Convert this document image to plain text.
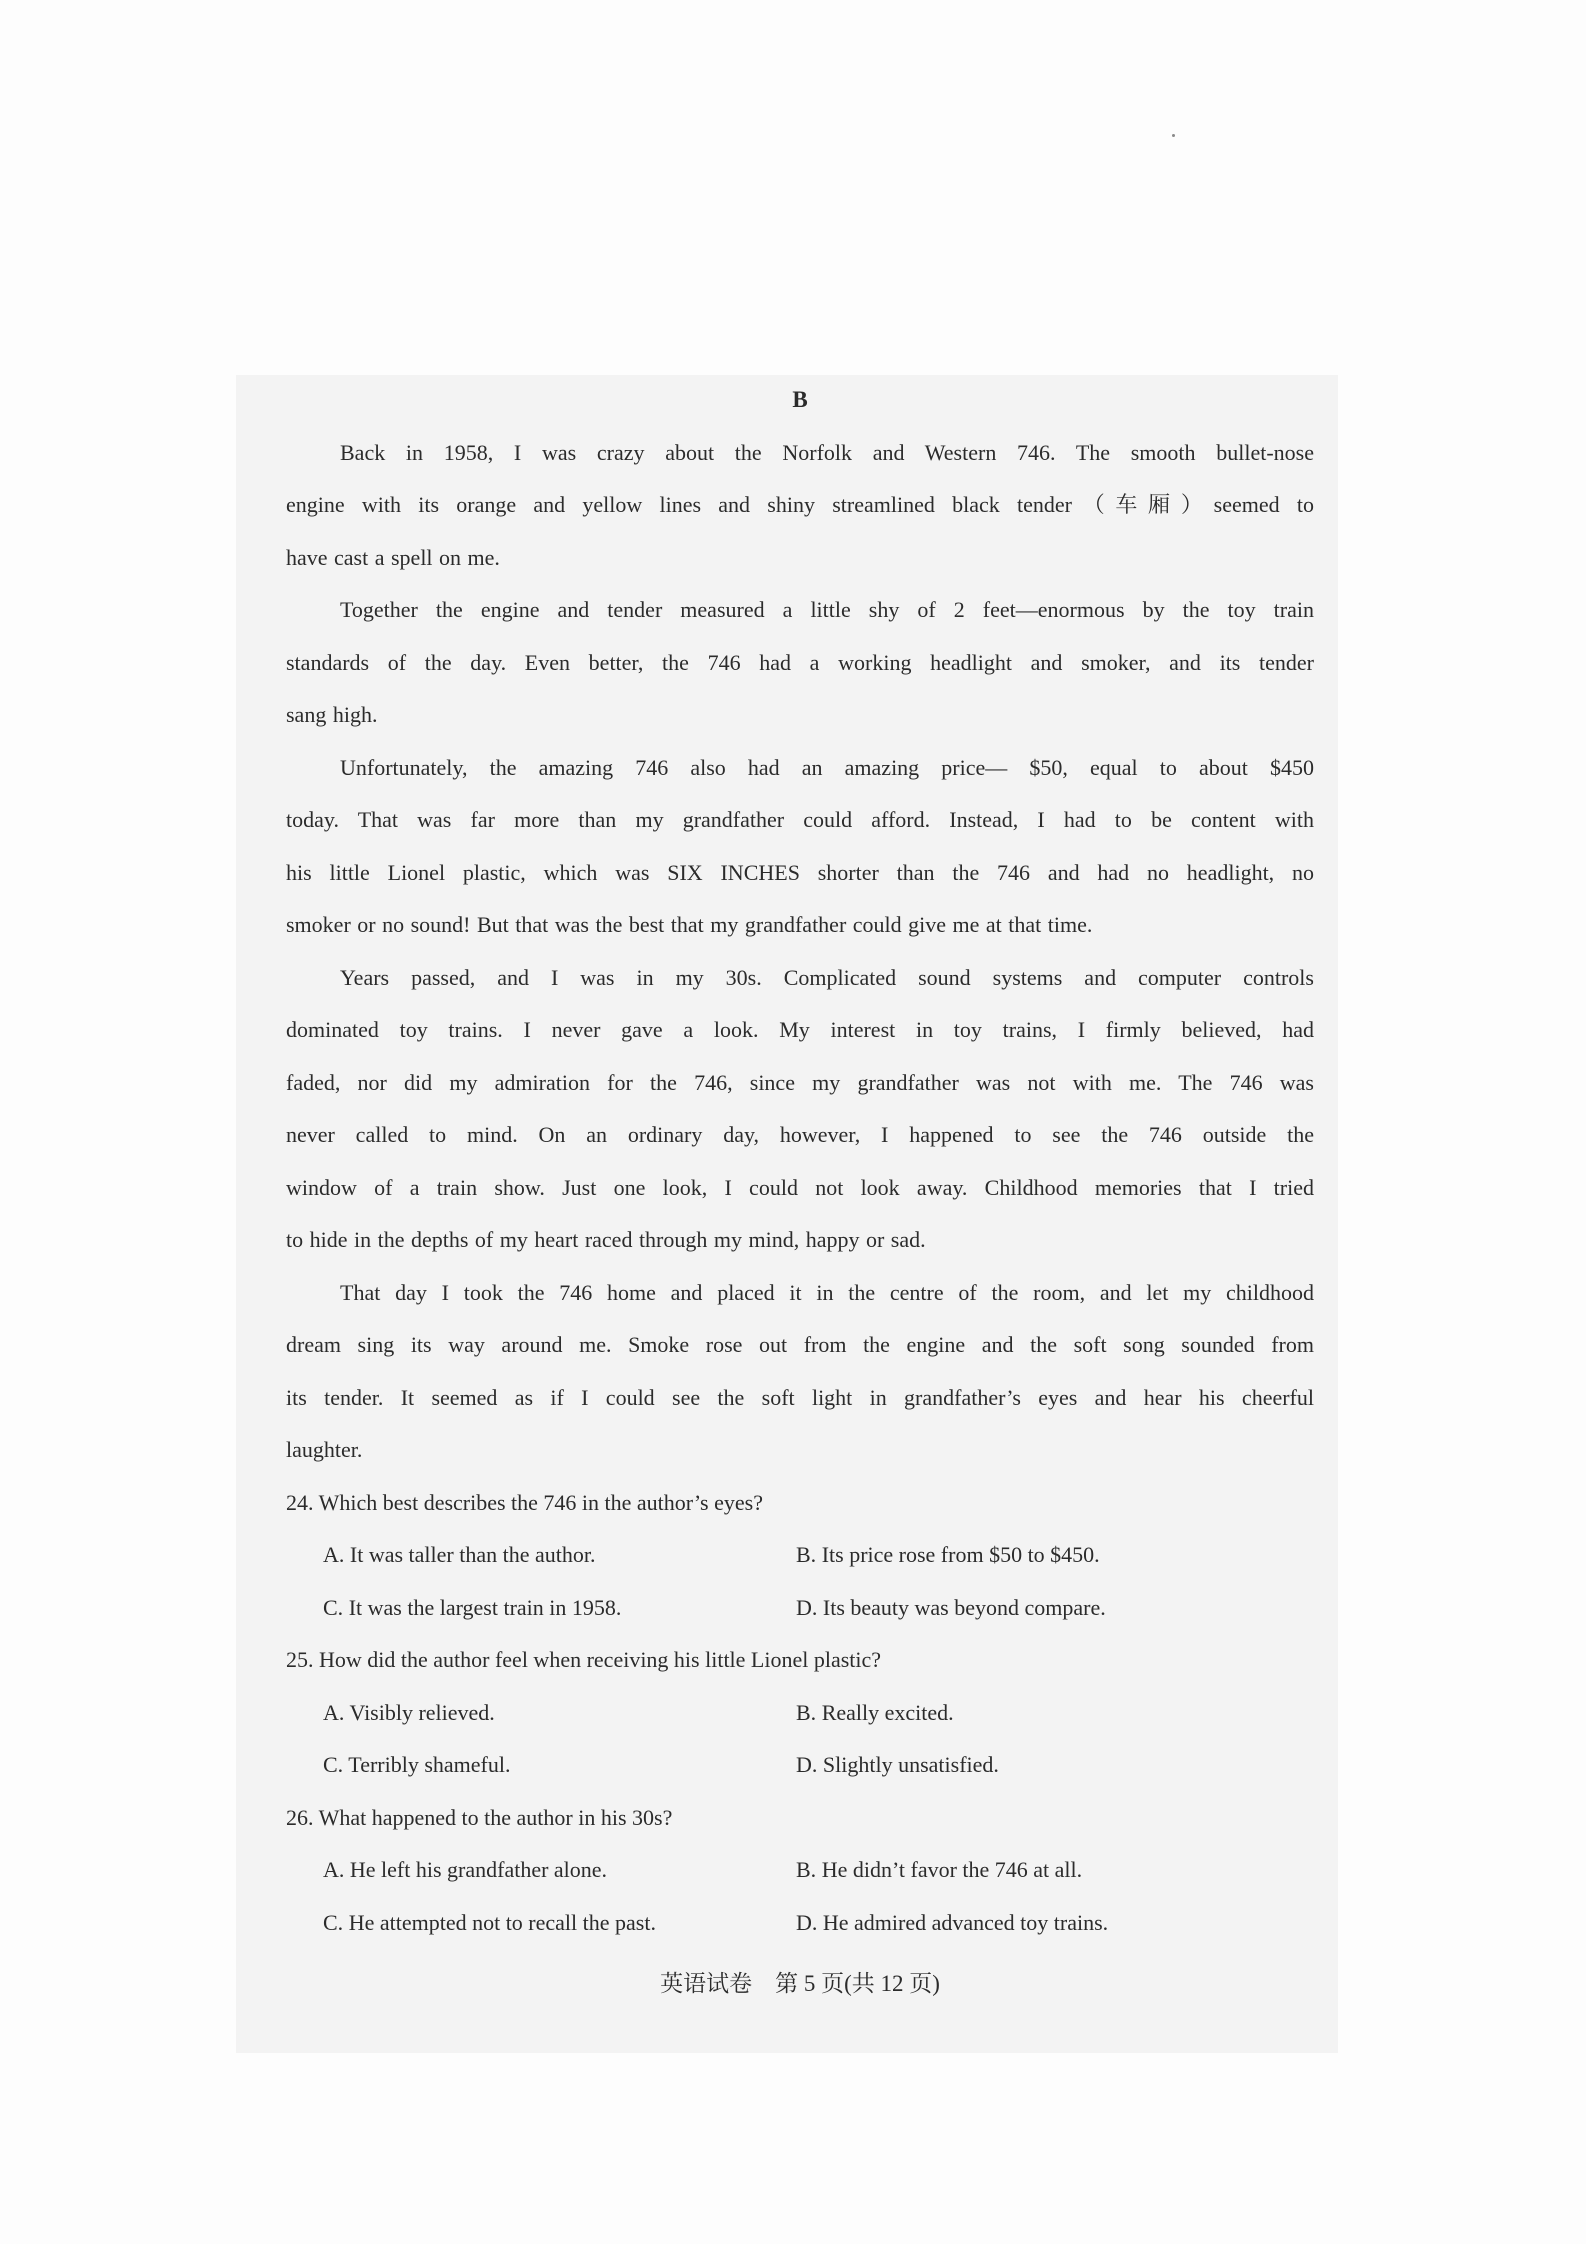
B
Back in 1958, I was crazy about the Norfolk and Western 746. The smooth bullet-nose
engine with its orange and yellow lines and shiny streamlined black tender（车厢）seemed to
have cast a spell on me.
Together the engine and tender measured a little shy of 2 feet—enormous by the toy train
standards of the day. Even better, the 746 had a working headlight and smoker, and its tender
sang high.
Unfortunately, the amazing 746 also had an amazing price— $50, equal to about $450
today. That was far more than my grandfather could afford. Instead, I had to be content with
his little Lionel plastic, which was SIX INCHES shorter than the 746 and had no headlight, no
smoker or no sound! But that was the best that my grandfather could give me at that time.
Years passed, and I was in my 30s. Complicated sound systems and computer controls
dominated toy trains. I never gave a look. My interest in toy trains, I firmly believed, had
faded, nor did my admiration for the 746, since my grandfather was not with me. The 746 was
never called to mind. On an ordinary day, however, I happened to see the 746 outside the
window of a train show. Just one look, I could not look away. Childhood memories that I tried
to hide in the depths of my heart raced through my mind, happy or sad.
That day I took the 746 home and placed it in the centre of the room, and let my childhood
dream sing its way around me. Smoke rose out from the engine and the soft song sounded from
its tender. It seemed as if I could see the soft light in grandfather’s eyes and hear his cheerful
laughter.
24. Which best describes the 746 in the author’s eyes?
A. It was taller than the author.	B. Its price rose from $50 to $450.
C. It was the largest train in 1958.	D. Its beauty was beyond compare.
25. How did the author feel when receiving his little Lionel plastic?
A. Visibly relieved.	B. Really excited.
C. Terribly shameful.	D. Slightly unsatisfied.
26. What happened to the author in his 30s?
A. He left his grandfather alone.	B. He didn’t favor the 746 at all.
C. He attempted not to recall the past.	D. He admired advanced toy trains.
英语试卷　第 5 页(共 12 页)
